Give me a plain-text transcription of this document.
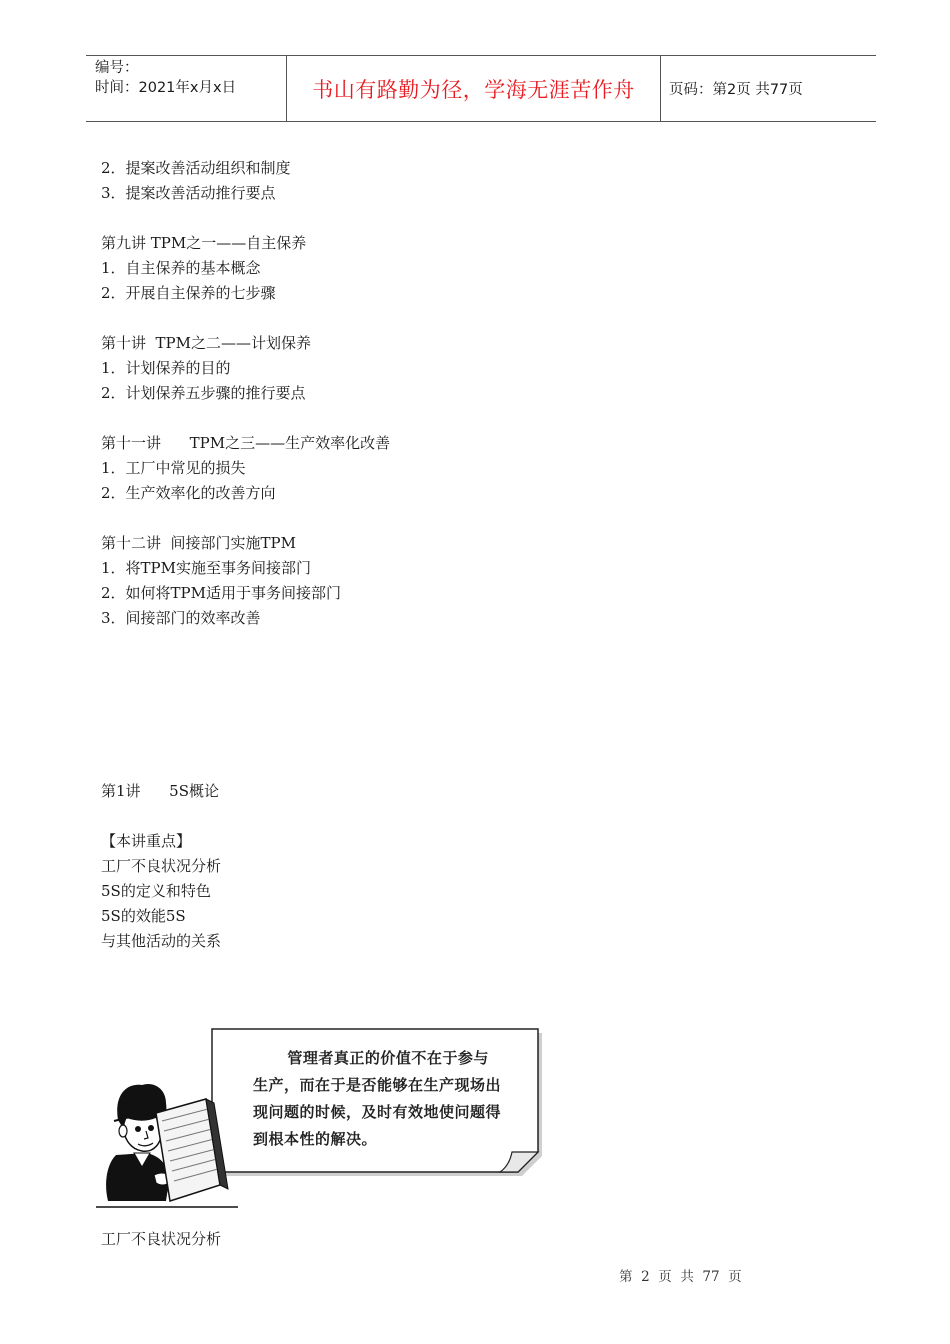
编号：
时间：2021年x月x日	书山有路勤为径，学海无涯苦作舟	页码：第2页 共77页
2．提案改善活动组织和制度
3．提案改善活动推行要点
第九讲 TPM之一——自主保养
1．自主保养的基本概念
2．开展自主保养的七步骤
第十讲  TPM之二——计划保养
1．计划保养的目的
2．计划保养五步骤的推行要点
第十一讲      TPM之三——生产效率化改善
1．工厂中常见的损失
2．生产效率化的改善方向
第十二讲  间接部门实施TPM
1．将TPM实施至事务间接部门
2．如何将TPM适用于事务间接部门
3．间接部门的效率改善
第1讲      5S概论
【本讲重点】
工厂不良状况分析
5S的定义和特色
5S的效能5S
与其他活动的关系
管理者真正的价值不在于参与
生产，而在于是否能够在生产现场出
现问题的时候，及时有效地使问题得
到根本性的解决。
工厂不良状况分析
第  2  页  共  77  页
